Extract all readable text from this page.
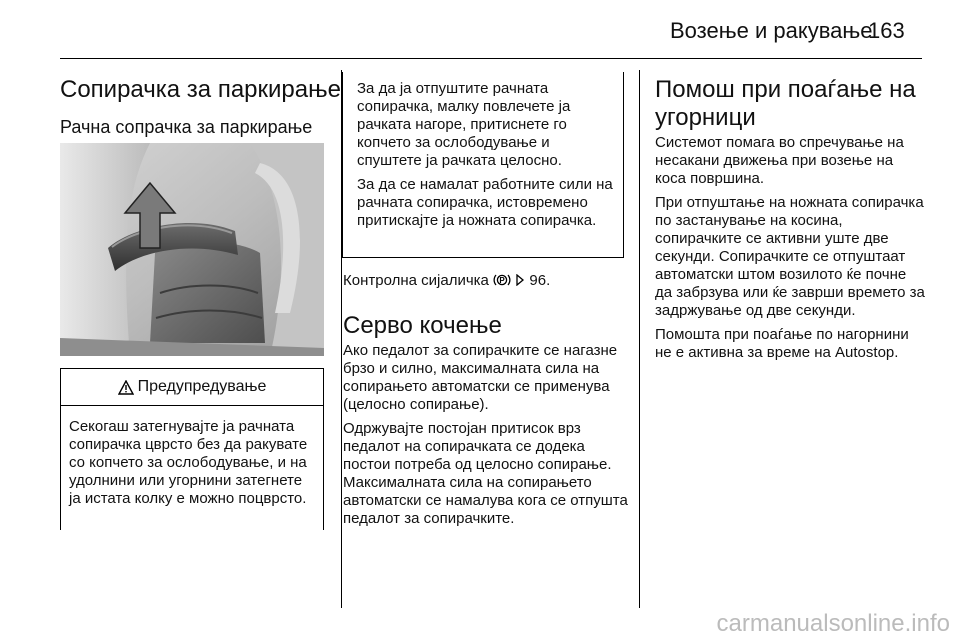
Возење и ракување
163
Сопирачка за паркирање
Рачна сопрачка за паркирање
Предупредување
Секогаш затегнувајте ја рачната сопирачка цврсто без да ракувате со копчето за ослободување, и на удолнини или угорнини затегнете ја истата колку е можно поцврсто.

За да ја отпуштите рачната сопирачка, малку повлечете ја рачката нагоре, притиснете го копчето за ослободување и спуштете ја рачката целосно.

За да се намалат работните сили на рачната сопирачка, истовремено притискајте ја ножната сопирачка.

Контролна сијаличка P 96.
Серво кочење

Ако педалот за сопирачките се нагазне брзо и силно, максималната сила на сопирањето автоматски се применува (целосно сопирање).

Одржувајте постојан притисок врз педалот на сопирачката се додека постои потреба од целосно сопирање. Максималната сила на сопирањето автоматски се намалува кога се отпушта педалот за сопирачките.

Помош при поаѓање на
угорници

Системот помага во спречување на несакани движења при возење на коса површина.

При отпуштање на ножната сопирачка по застанување на косина, сопирачките се активни уште две секунди. Сопирачките се отпуштаат автоматски штом возилото ќе почне да забрзува или ќе заврши времето за задржување од две секунди.

Помошта при поаѓање по нагорнини не е активна за време на Autostop.

carmanualsonline.info
